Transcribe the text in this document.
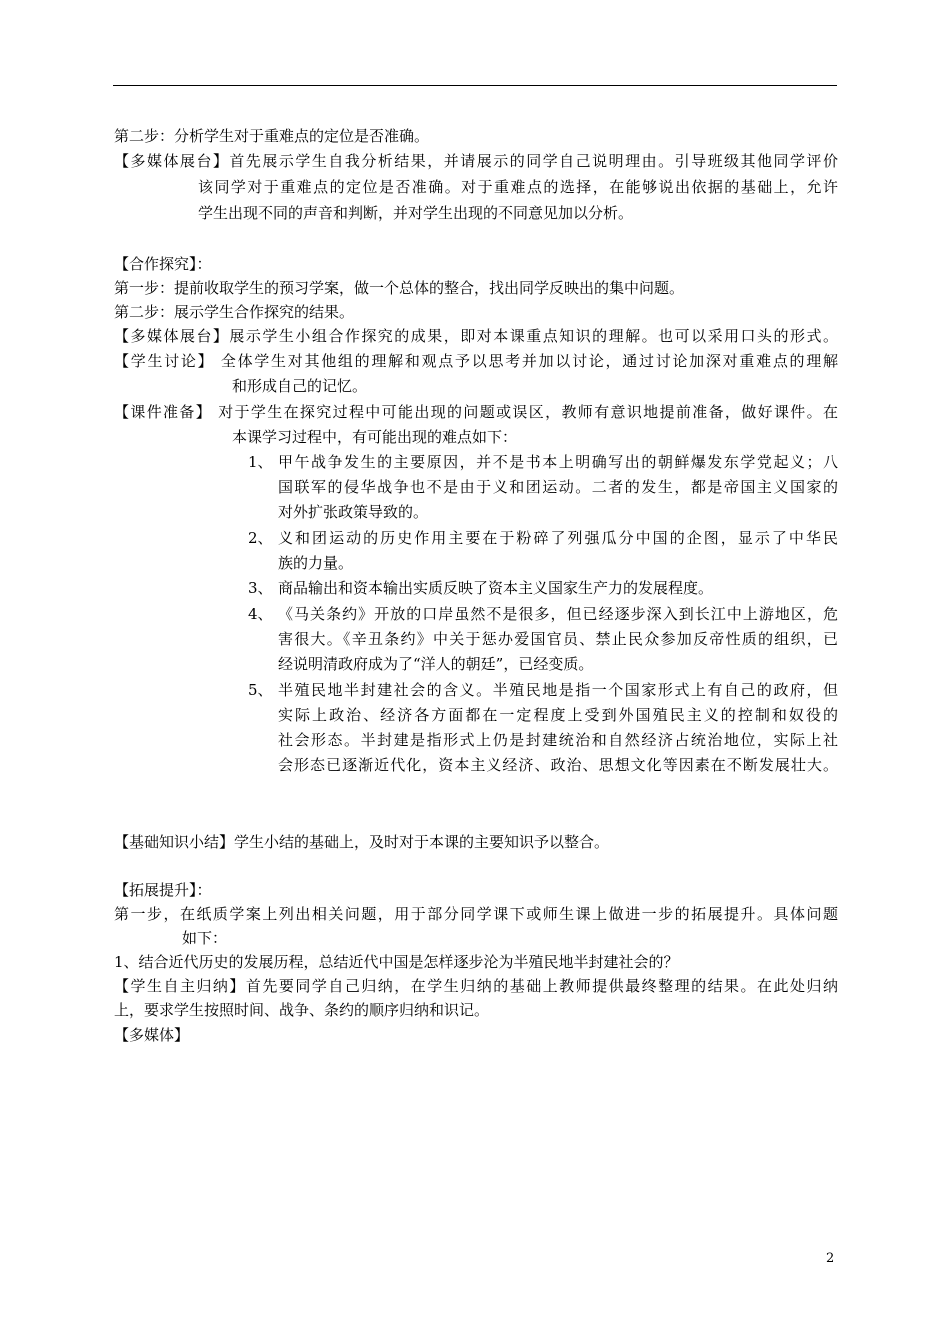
第二步：分析学生对于重难点的定位是否准确。
【多媒体展台】首先展示学生自我分析结果，并请展示的同学自己说明理由。引导班级其他同学评价
该同学对于重难点的定位是否准确。对于重难点的选择，在能够说出依据的基础上，允许
学生出现不同的声音和判断，并对学生出现的不同意见加以分析。
【合作探究】：
第一步：提前收取学生的预习学案，做一个总体的整合，找出同学反映出的集中问题。
第二步：展示学生合作探究的结果。
【多媒体展台】展示学生小组合作探究的成果，即对本课重点知识的理解。也可以采用口头的形式。
【学生讨论】 全体学生对其他组的理解和观点予以思考并加以讨论，通过讨论加深对重难点的理解
和形成自己的记忆。
【课件准备】 对于学生在探究过程中可能出现的问题或误区，教师有意识地提前准备，做好课件。在
本课学习过程中，有可能出现的难点如下：
1、 甲午战争发生的主要原因，并不是书本上明确写出的朝鲜爆发东学党起义；八
国联军的侵华战争也不是由于义和团运动。二者的发生，都是帝国主义国家的
对外扩张政策导致的。
2、 义和团运动的历史作用主要在于粉碎了列强瓜分中国的企图，显示了中华民
族的力量。
3、 商品输出和资本输出实质反映了资本主义国家生产力的发展程度。
4、 《马关条约》开放的口岸虽然不是很多，但已经逐步深入到长江中上游地区，危
害很大。《辛丑条约》中关于惩办爱国官员、禁止民众参加反帝性质的组织，已
经说明清政府成为了“洋人的朝廷”，已经变质。
5、 半殖民地半封建社会的含义。半殖民地是指一个国家形式上有自己的政府，但
实际上政治、经济各方面都在一定程度上受到外国殖民主义的控制和奴役的
社会形态。半封建是指形式上仍是封建统治和自然经济占统治地位，实际上社
会形态已逐渐近代化，资本主义经济、政治、思想文化等因素在不断发展壮大。
【基础知识小结】学生小结的基础上，及时对于本课的主要知识予以整合。
【拓展提升】：
第一步，在纸质学案上列出相关问题，用于部分同学课下或师生课上做进一步的拓展提升。具体问题
如下：
1、结合近代历史的发展历程，总结近代中国是怎样逐步沦为半殖民地半封建社会的？
【学生自主归纳】首先要同学自己归纳，在学生归纳的基础上教师提供最终整理的结果。在此处归纳
上，要求学生按照时间、战争、条约的顺序归纳和识记。
【多媒体】
2
